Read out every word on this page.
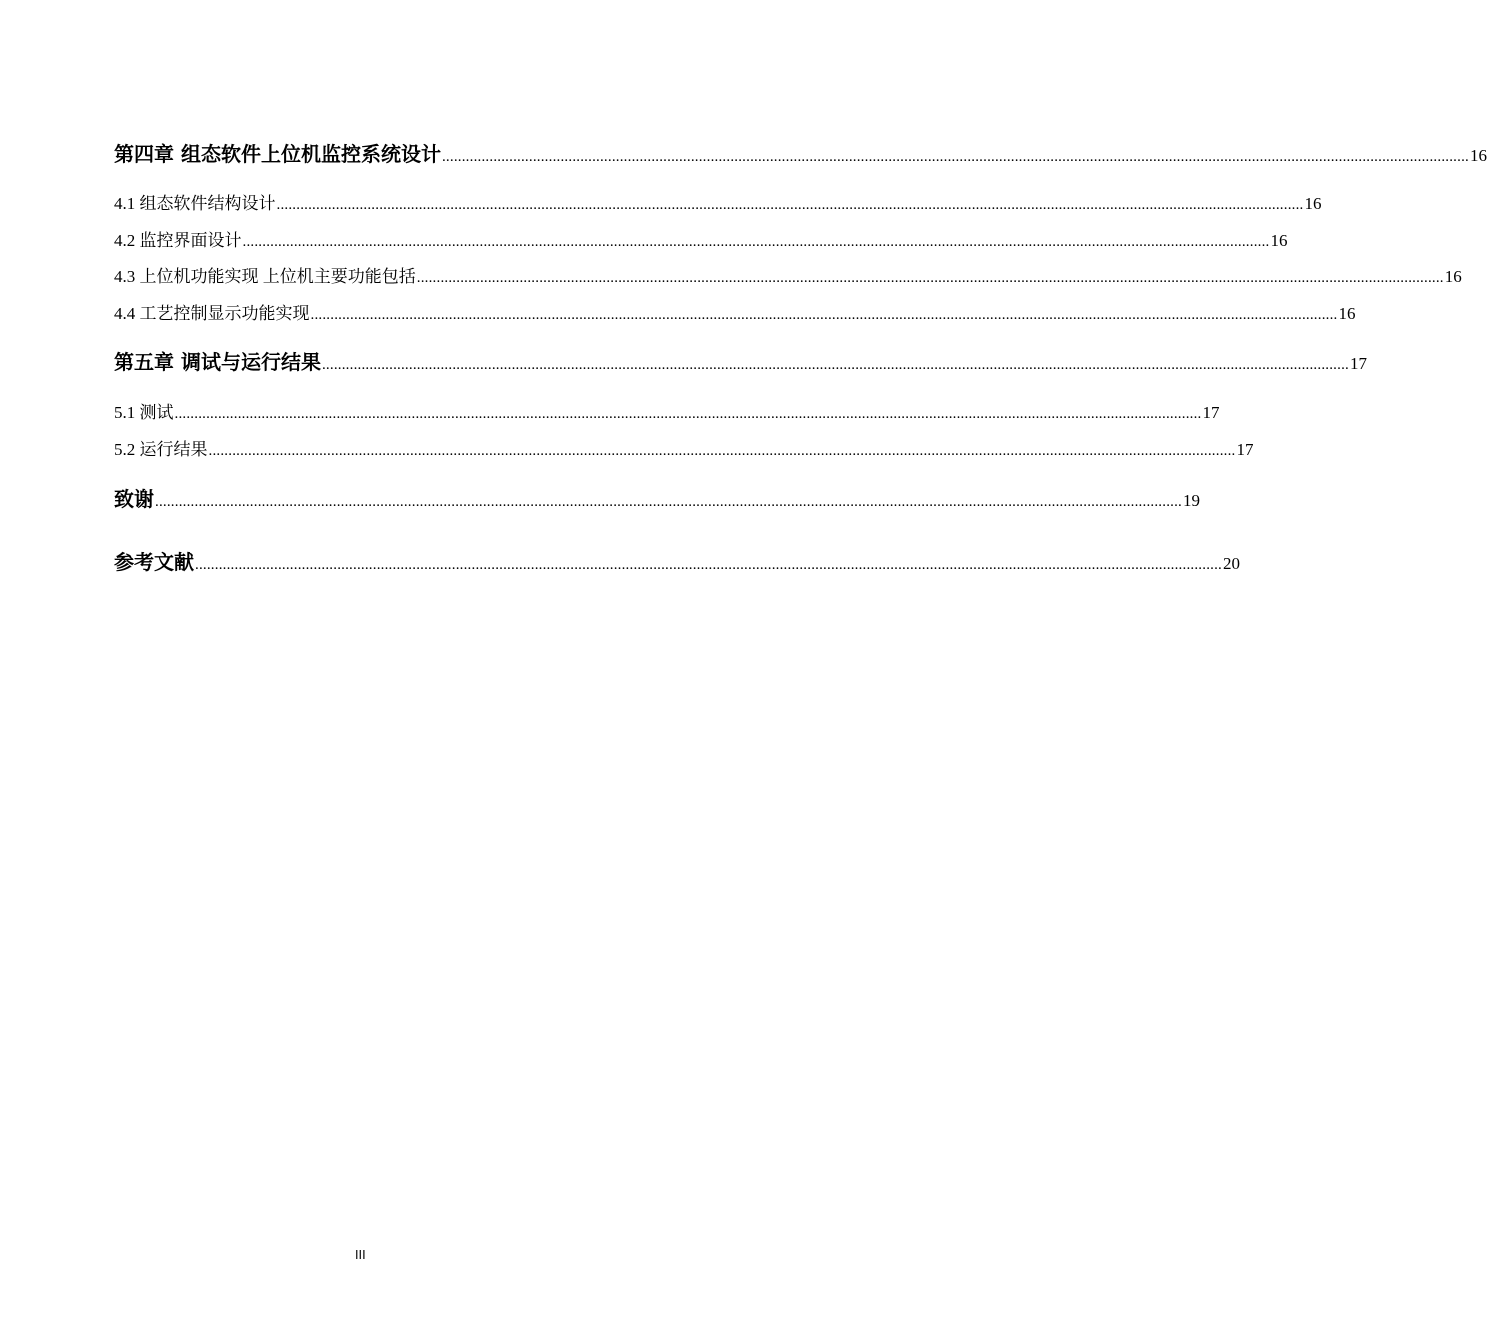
第四章 组态软件上位机监控系统设计 .................................................................................................................................................................................................................................................................... 16
4.1 组态软件结构设计 .................................................................................................................................................................................................................................................................... 16
4.2 监控界面设计 .................................................................................................................................................................................................................................................................... 16
4.3 上位机功能实现 上位机主要功能包括 .................................................................................................................................................................................................................................................................... 16
4.4 工艺控制显示功能实现 .................................................................................................................................................................................................................................................................... 16
第五章 调试与运行结果 .................................................................................................................................................................................................................................................................... 17
5.1 测试 .................................................................................................................................................................................................................................................................... 17
5.2 运行结果 .................................................................................................................................................................................................................................................................... 17
致谢 .................................................................................................................................................................................................................................................................... 19
参考文献 .................................................................................................................................................................................................................................................................... 20
III
